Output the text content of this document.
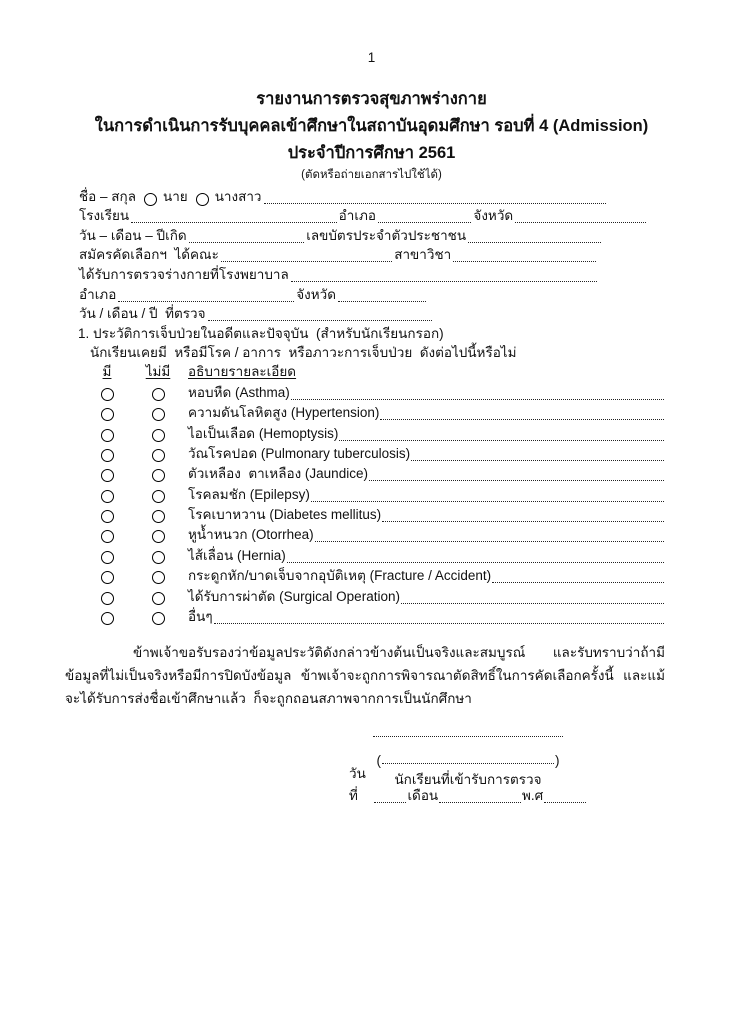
1
รายงานการตรวจสุขภาพร่างกาย
ในการดำเนินการรับบุคคลเข้าศึกษาในสถาบันอุดมศึกษา รอบที่ 4 (Admission)
ประจำปีการศึกษา 2561
(ตัดหรือถ่ายเอกสารไปใช้ได้)
ชื่อ – สกุล นาย นางสาว
โรงเรียน	อำเภอ	จังหวัด
วัน – เดือน – ปีเกิด	เลขบัตรประจำตัวประชาชน
สมัครคัดเลือกฯ  ได้คณะ	สาขาวิชา
ได้รับการตรวจร่างกายที่โรงพยาบาล
อำเภอ	จังหวัด
วัน / เดือน / ปี  ที่ตรวจ
1. ประวัติการเจ็บป่วยในอดีตและปัจจุบัน  (สำหรับนักเรียนกรอก)
นักเรียนเคยมี  หรือมีโรค / อาการ  หรือภาวะการเจ็บป่วย  ดังต่อไปนี้หรือไม่
มี	ไม่มี อธิบายรายละเอียด
หอบหืด (Asthma)
ความดันโลหิตสูง (Hypertension)
ไอเป็นเลือด (Hemoptysis)
วัณโรคปอด (Pulmonary tuberculosis)
ตัวเหลือง  ตาเหลือง (Jaundice)
โรคลมชัก (Epilepsy)
โรคเบาหวาน (Diabetes mellitus)
หูน้ำหนวก (Otorrhea)
ไส้เลื่อน (Hernia)
กระดูกหัก/บาดเจ็บจากอุบัติเหตุ (Fracture / Accident)
ได้รับการผ่าตัด (Surgical Operation)
อื่นๆ
ข้าพเจ้าขอรับรองว่าข้อมูลประวัติดังกล่าวข้างต้นเป็นจริงและสมบูรณ์  และรับทราบว่าถ้ามีข้อมูลที่ไม่เป็นจริงหรือมีการปิดบังข้อมูล  ข้าพเจ้าจะถูกการพิจารณาตัดสิทธิ์ในการคัดเลือกครั้งนี้  และแม้จะได้รับการส่งชื่อเข้าศึกษาแล้ว  ก็จะถูกถอนสภาพจากการเป็นนักศึกษา
(	)
นักเรียนที่เข้ารับการตรวจ
วันที่	เดือน	พ.ศ
